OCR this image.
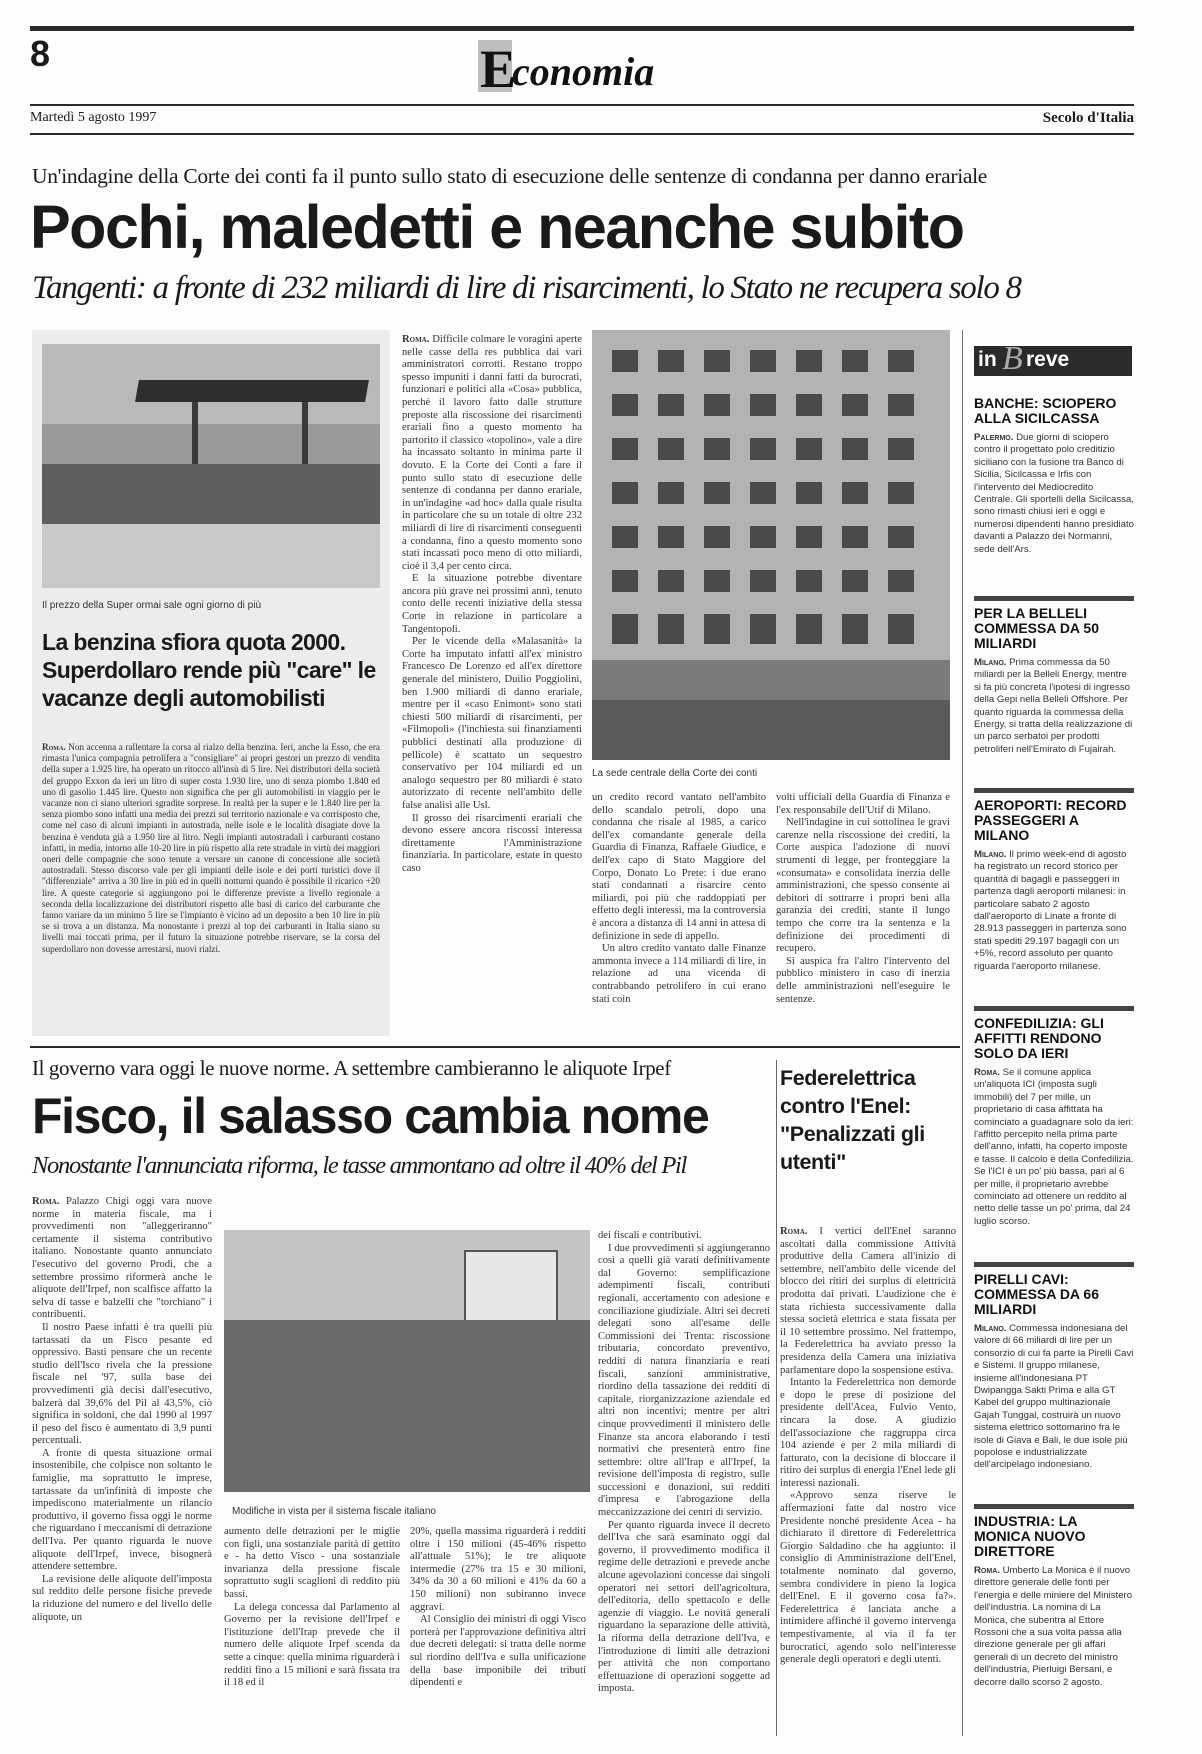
8	E
conomia
Martedì 5 agosto 1997	Secolo d'Italia
Un'indagine della Corte dei conti fa il punto sullo stato di esecuzione delle sentenze di condanna per danno erariale
Pochi, maledetti e neanche subito
Tangenti: a fronte di 232 miliardi di lire di risarcimenti, lo Stato ne recupera solo 8
Il prezzo della Super ormai sale ogni giorno di più
La benzina sfiora quota 2000. Superdollaro rende più "care" le vacanze degli automobilisti

Roma. Non accenna a rallentare la corsa al rialzo della benzina. Ieri, anche la Esso, che era rimasta l'unica compagnia petrolifera a "consigliare" ai propri gestori un prezzo di vendita della super a 1.925 lire, ha operato un ritocco all'insù di 5 lire. Nei distributori della società del gruppo Exxon da ieri un litro di super costa 1.930 lire, uno di senza piombo 1.840 ed uno di gasolio 1.445 lire. Questo non significa che per gli automobilisti in viaggio per le vacanze non ci siano ulteriori sgradite sorprese. In realtà per la super e le 1.840 lire per la senza piombo sono infatti una media dei prezzi sul territorio nazionale e va corrisposto che, come nel caso di alcuni impianti in autostrada, nelle isole e le località disagiate dove la benzina è venduta già a 1.950 lire al litro. Negli impianti autostradali i carburanti costano infatti, in media, intorno alle 10-20 lire in più rispetto alla rete stradale in virtù dei maggiori oneri delle compagnie che sono tenute a versare un canone di concessione alle società autostradali. Stesso discorso vale per gli impianti delle isole e dei porti turistici dove il "differenziale" arriva a 30 lire in più ed in quelli notturni quando è possibile il ricarico +20 lire. A queste categorie si aggiungono poi le differenze previste a livello regionale a seconda della localizzazione dei distributori rispetto alle basi di carico del carburante che fanno variare da un minimo 5 lire se l'impianto è vicino ad un deposito a ben 10 lire in più se si trova a un distanza. Ma nonostante i prezzi al top dei carburanti in Italia siano su livelli mai toccati prima, per il futuro la situazione potrebbe riservare, se la corsa del superdollaro non dovesse arrestarsi, nuovi rialzi.

Roma. Difficile colmare le voragini aperte nelle casse della res pubblica dai vari amministratori corrotti. Restano troppo spesso impuniti i danni fatti da burocrati, funzionari e politici alla «Cosa» pubblica, perché il lavoro fatto dalle strutture preposte alla riscossione dei risarcimenti erariali fino a questo momento ha partorito il classico «topolino», vale a dire ha incassato soltanto in minima parte il dovuto. E la Corte dei Conti a fare il punto sullo stato di esecuzione delle sentenze di condanna per danno erariale, in un'indagine «ad hoc» dalla quale risulta in particolare che su un totale di oltre 232 miliardi di lire di risarcimenti conseguenti a condanna, fino a questo momento sono stati incassati poco meno di otto miliardi, cioè il 3,4 per cento circa.

E la situazione potrebbe diventare ancora più grave nei prossimi anni, tenuto conto delle recenti iniziative della stessa Corte in relazione in particolare a Tangentopoli.

Per le vicende della «Malasanità» la Corte ha imputato infatti all'ex ministro Francesco De Lorenzo ed all'ex direttore generale del ministero, Duilio Poggiolini, ben 1.900 miliardi di danno erariale, mentre per il «caso Enimont» sono stati chiesti 500 miliardi di risarcimenti, per «Filmopoli» (l'inchiesta sui finanziamenti pubblici destinati alla produzione di pellicole) è scattato un sequestro conservativo per 104 miliardi ed un analogo sequestro per 80 miliardi è stato autorizzato di recente nell'ambito delle false analisi alle Usl.

Il grosso dei risarcimenti erariali che devono essere ancora riscossi interessa direttamente l'Amministrazione finanziaria. In particolare, estate in questo caso

La sede centrale della Corte dei conti

un credito record vantato nell'ambito dello scandalo petroli, dopo una condanna che risale al 1985, a carico dell'ex comandante generale della Guardia di Finanza, Raffaele Giudice, e dell'ex capo di Stato Maggiore del Corpo, Donato Lo Prete: i due erano stati condannati a risarcire cento miliardi, poi più che raddoppiati per effetto degli interessi, ma la controversia è ancora a distanza di 14 anni in attesa di definizione in sede di appello.

Un altro credito vantato dalle Finanze ammonta invece a 114 miliardi di lire, in relazione ad una vicenda di contrabbando petrolifero in cui erano stati coin

volti ufficiali della Guardia di Finanza e l'ex responsabile dell'Utif di Milano.

Nell'indagine in cui sottolinea le gravi carenze nella riscossione dei crediti, la Corte auspica l'adozione di nuovi strumenti di legge, per fronteggiare la «consumata» e consolidata inerzia delle amministrazioni, che spesso consente ai debitori di sottrarre i propri beni alla garanzia dei crediti, stante il lungo tempo che corre tra la sentenza e la definizione dei procedimenti di recupero.

Si auspica fra l'altro l'intervento del pubblico ministero in caso di inerzia delle amministrazioni nell'eseguire le sentenze.

Il governo vara oggi le nuove norme. A settembre cambieranno le aliquote Irpef
Fisco, il salasso cambia nome
Nonostante l'annunciata riforma, le tasse ammontano ad oltre il 40% del Pil

Roma. Palazzo Chigi oggi vara nuove norme in materia fiscale, ma i provvedimenti non "alleggeriranno" certamente il sistema contributivo italiano. Nonostante quanto annunciato l'esecutivo del governo Prodi, che a settembre prossimo riformerà anche le aliquote dell'Irpef, non scalfisce affatto la selva di tasse e balzelli che "torchiano" i contribuenti.

Il nostro Paese infatti è tra quelli più tartassati da un Fisco pesante ed oppressivo. Basti pensare che un recente studio dell'Isco rivela che la pressione fiscale nel '97, sulla base dei provvedimenti già decisi dall'esecutivo, balzerà dal 39,6% del Pil al 43,5%, ciò significa in soldoni, che dal 1990 al 1997 il peso del fisco è aumentato di 3,9 punti percentuali.

A fronte di questa situazione ormai insostenibile, che colpisce non soltanto le famiglie, ma soprattutto le imprese, tartassate da un'infinità di imposte che impediscono materialmente un rilancio produttivo, il governo fissa oggi le norme che riguardano i meccanismi di detrazione dell'Iva. Per quanto riguarda le nuove aliquote dell'Irpef, invece, bisognerà attendere settembre.

La revisione delle aliquote dell'imposta sul reddito delle persone fisiche prevede la riduzione del numero e del livello delle aliquote, un

Modifiche in vista per il sistema fiscale italiano

aumento delle detrazioni per le miglie con figli, una sostanziale parità di gettito e - ha detto Visco - una sostanziale invarianza della pressione fiscale soprattutto sugli scaglioni di reddito più bassi.

La delega concessa dal Parlamento al Governo per la revisione dell'Irpef e l'istituzione dell'Irap prevede che il numero delle aliquote Irpef scenda da sette a cinque: quella minima riguarderà i redditi fino a 15 milioni e sarà fissata tra il 18 ed il

20%, quella massima riguarderà i redditi oltre i 150 milioni (45-46% rispetto all'attuale 51%); le tre aliquote intermedie (27% tra 15 e 30 milioni, 34% da 30 a 60 milioni e 41% da 60 a 150 milioni) non subiranno invece aggravi.

Al Consiglio dei ministri di oggi Visco porterà per l'approvazione definitiva altri due decreti delegati: si tratta delle norme sul riordino dell'Iva e sulla unificazione della base imponibile dei tributi dipendenti e

dei fiscali e contributivi.

I due provvedimenti si aggiungeranno così a quelli già varati definitivamente dal Governo: semplificazione adempimenti fiscali, contributi regionali, accertamento con adesione e conciliazione giudiziale. Altri sei decreti delegati sono all'esame delle Commissioni dei Trenta: riscossione tributaria, concordato preventivo, redditi di natura finanziaria e reati fiscali, sanzioni amministrative, riordino della tassazione dei redditi di capitale, riorganizzazione aziendale ed altri non incentivi; mentre per altri cinque provvedimenti il ministero delle Finanze sta ancora elaborando i testi normativi che presenterà entro fine settembre: oltre all'Irap e all'Irpef, la revisione dell'imposta di registro, sulle successioni e donazioni, sui redditi d'impresa e l'abrogazione della meccanizzazione dei centri di servizio.

Per quanto riguarda invece il decreto dell'Iva che sarà esaminato oggi dal governo, il provvedimento modifica il regime delle detrazioni e prevede anche alcune agevolazioni concesse dai singoli operatori nei settori dell'agricoltura, dell'editoria, dello spettacolo e delle agenzie di viaggio. Le novità generali riguardano la separazione delle attività, la riforma della detrazione dell'Iva, e l'introduzione di limiti alle detrazioni per attività che non comportano effettuazione di operazioni soggette ad imposta.

Federelettrica contro l'Enel: "Penalizzati gli utenti"

Roma. I vertici dell'Enel saranno ascoltati dalla commissione Attività produttive della Camera all'inizio di settembre, nell'ambito delle vicende del blocco dei ritiri dei surplus di elettricità prodotta dai privati. L'audizione che è stata richiesta successivamente dalla stessa società elettrica e stata fissata per il 10 settembre prossimo. Nel frattempo, la Federelettrica ha avviato presso la presidenza della Camera una iniziativa parlamentare dopo la sospensione estiva.

Intanto la Federelettrica non demorde e dopo le prese di posizione del presidente dell'Acea, Fulvio Vento, rincara la dose. A giudizio dell'associazione che raggruppa circa 104 aziende e per 2 mila miliardi di fatturato, con la decisione di bloccare il ritiro dei surplus di energia l'Enel lede gli interessi nazionali.

«Approvo senza riserve le affermazioni fatte dal nostro vice Presidente nonché presidente Acea - ha dichiarato il direttore di Federelettrica Giorgio Saldadino che ha aggiunto: il consiglio di Amministrazione dell'Enel, totalmente nominato dal governo, sembra condividere in pieno la logica dell'Enel. E il governo cosa fa?». Federelettrica è lanciata anche a intimidere affinché il governo intervenga tempestivamente, al via il fa ter burocratici, agendo solo nell'interesse generale degli operatori e degli utenti.

in B reve
BANCHE: SCIOPERO ALLA SICILCASSA
Palermo. Due giorni di sciopero contro il progettato polo creditizio siciliano con la fusione tra Banco di Sicilia, Sicilcassa e Irfis con l'intervento del Mediocredito Centrale. Gli sportelli della Sicilcassa, sono rimasti chiusi ieri e oggi e numerosi dipendenti hanno presidiato davanti a Palazzo dei Normanni, sede dell'Ars.
PER LA BELLELI COMMESSA DA 50 MILIARDI
Milano. Prima commessa da 50 miliardi per la Belleli Energy, mentre si fa più concreta l'ipotesi di ingresso della Gepi nella Belleli Offshore. Per quanto riguarda la commessa della Energy, si tratta della realizzazione di un parco serbatoi per prodotti petroliferi nell'Emirato di Fujairah.
AEROPORTI: RECORD PASSEGGERI A MILANO
Milano. Il primo week-end di agosto ha registrato un record storico per quantità di bagagli e passeggeri in partenza dagli aeroporti milanesi: in particolare sabato 2 agosto dall'aeroporto di Linate a fronte di 28.913 passeggeri in partenza sono stati spediti 29.197 bagagli con un +5%, record assoluto per quanto riguarda l'aeroporto milanese.
CONFEDILIZIA: GLI AFFITTI RENDONO SOLO DA IERI
Roma. Se il comune applica un'aliquota ICI (imposta sugli immobili) del 7 per mille, un proprietario di casa affittata ha cominciato a guadagnare solo da ieri: l'affitto percepito nella prima parte dell'anno, infatti, ha coperto imposte e tasse. Il calcolo è della Confedilizia. Se l'ICI è un po' più bassa, pari al 6 per mille, il proprietario avrebbe cominciato ad ottenere un reddito al netto delle tasse un po' prima, dal 24 luglio scorso.
PIRELLI CAVI: COMMESSA DA 66 MILIARDI
Milano. Commessa indonesiana del valore di 66 miliardi di lire per un consorzio di cui fa parte la Pirelli Cavi e Sistemi. Il gruppo milanese, insieme all'indonesiana PT Dwipangga Sakti Prima e alla GT Kabel del gruppo multinazionale Gajah Tunggal, costruirà un nuovo sistema elettrico sottomarino fra le isole di Giava e Bali, le due isole più popolose e industrializzate dell'arcipelago indonesiano.
INDUSTRIA: LA MONICA NUOVO DIRETTORE
Roma. Umberto La Monica è il nuovo direttore generale delle fonti per l'energia e delle miniere del Ministero dell'industria. La nomina di La Monica, che subentra al Ettore Rossoni che a sua volta passa alla direzione generale per gli affari generali di un decreto del ministro dell'industria, Pierluigi Bersani, e decorre dallo scorso 2 agosto.
